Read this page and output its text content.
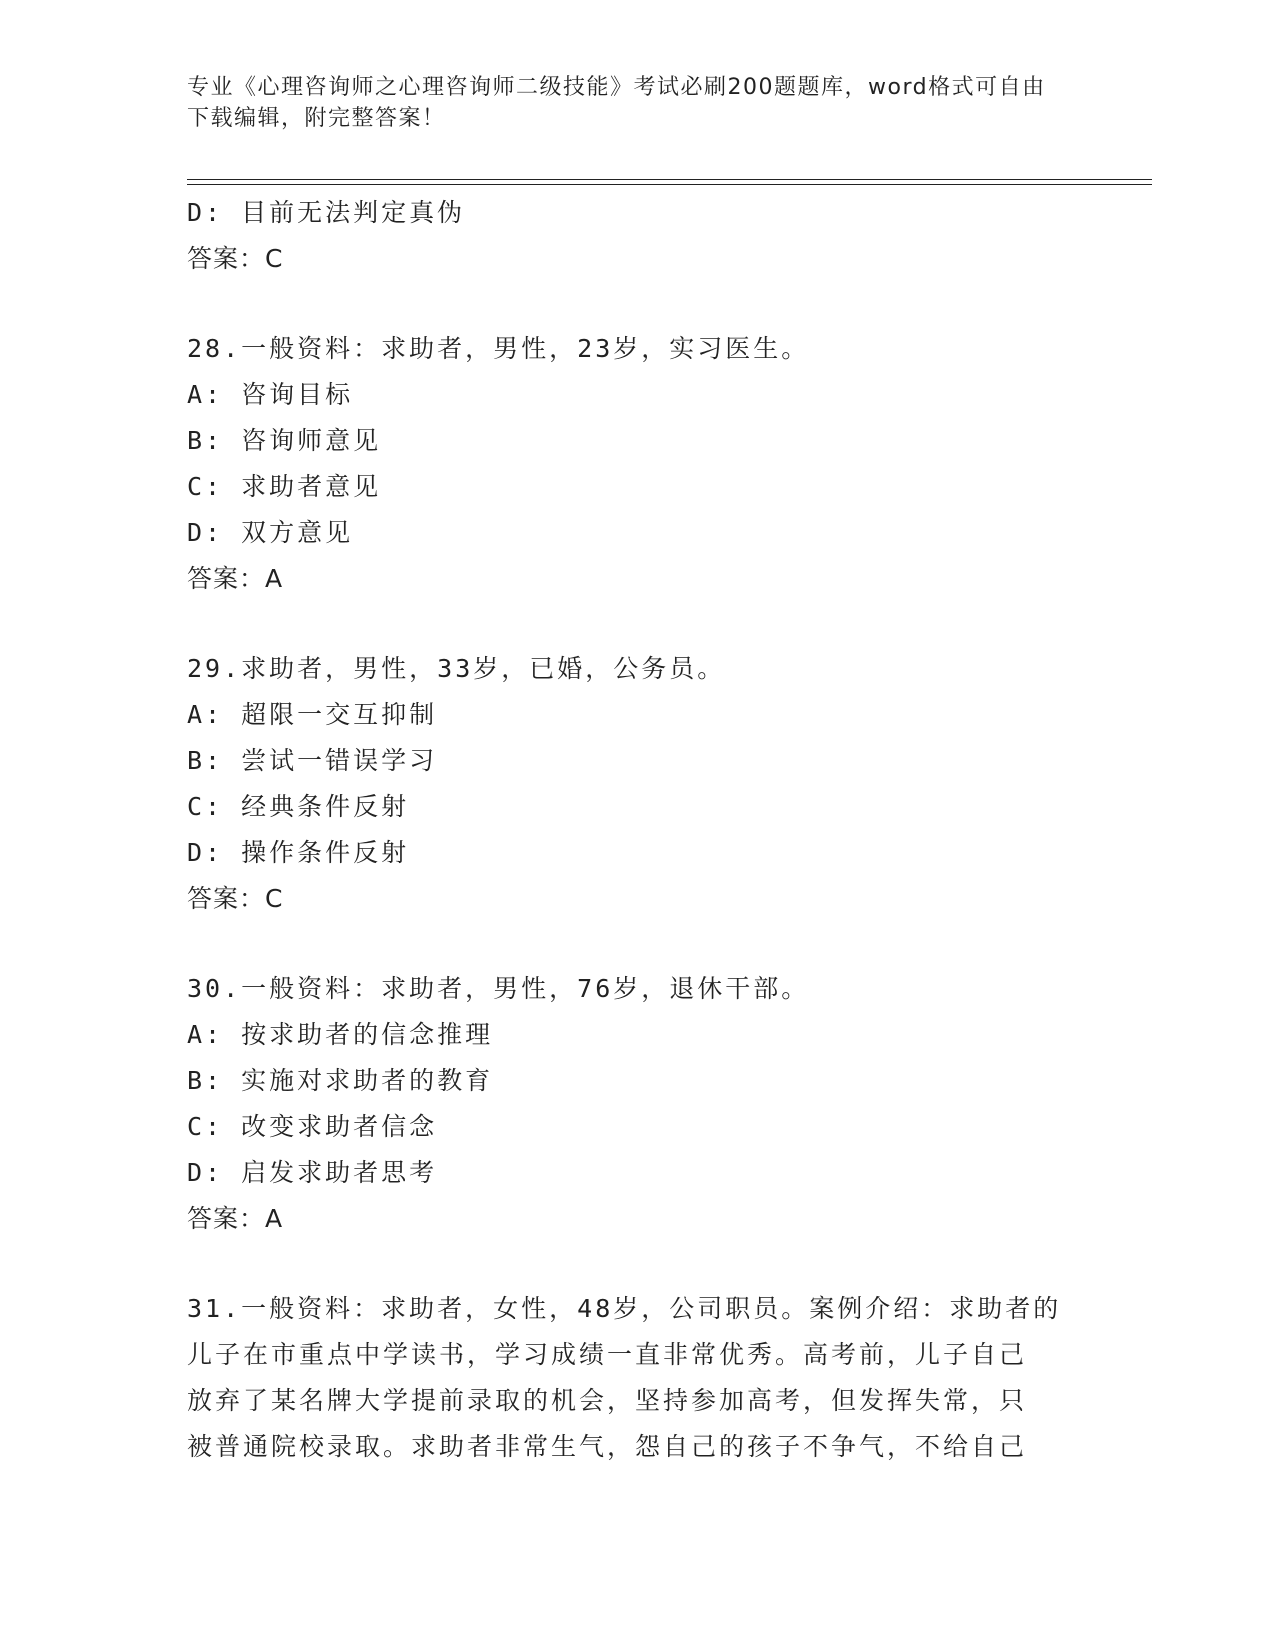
专业《心理咨询师之心理咨询师二级技能》考试必刷200题题库，word格式可自由下载编辑，附完整答案！
D: 目前无法判定真伪
答案：C
28.一般资料：求助者，男性，23岁，实习医生。
A: 咨询目标
B: 咨询师意见
C: 求助者意见
D: 双方意见
答案：A
29.求助者，男性，33岁，已婚，公务员。
A: 超限一交互抑制
B: 尝试一错误学习
C: 经典条件反射
D: 操作条件反射
答案：C
30.一般资料：求助者，男性，76岁，退休干部。
A: 按求助者的信念推理
B: 实施对求助者的教育
C: 改变求助者信念
D: 启发求助者思考
答案：A
31.一般资料：求助者，女性，48岁，公司职员。案例介绍：求助者的
儿子在市重点中学读书，学习成绩一直非常优秀。高考前，儿子自己
放弃了某名牌大学提前录取的机会，坚持参加高考，但发挥失常，只
被普通院校录取。求助者非常生气，怨自己的孩子不争气，不给自己
